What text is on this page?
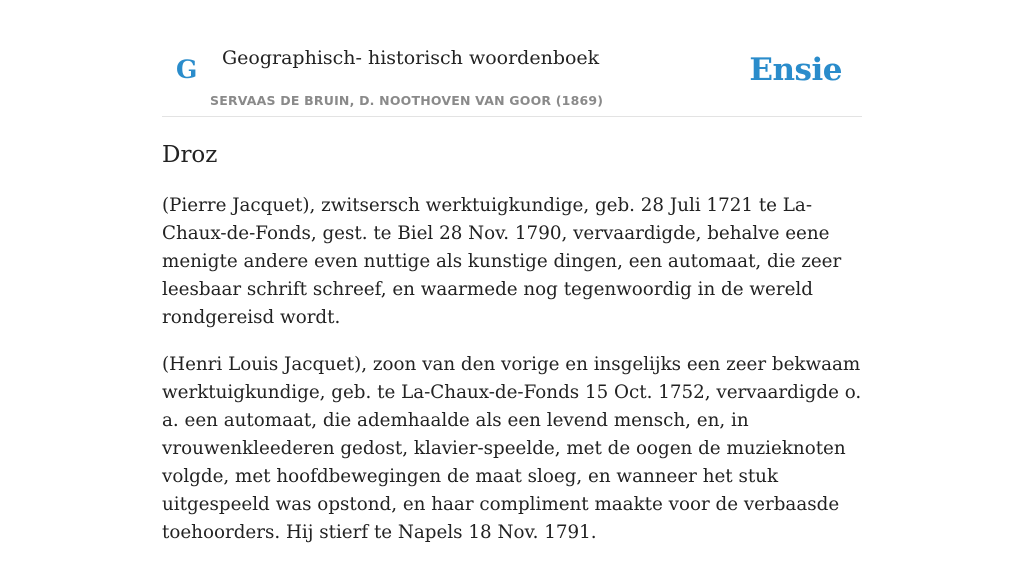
G Geographisch- historisch woordenboek
SERVAAS DE BRUIN, D. NOOTHOVEN VAN GOOR (1869)
Ensie
Droz

(Pierre Jacquet), zwitsersch werktuigkundige, geb. 28 Juli 1721 te La-Chaux-de-Fonds, gest. te Biel 28 Nov. 1790, vervaardigde, behalve eene menigte andere even nuttige als kunstige dingen, een automaat, die zeer leesbaar schrift schreef, en waarmede nog tegenwoordig in de wereld rondgereisd wordt.

(Henri Louis Jacquet), zoon van den vorige en insgelijks een zeer bekwaam werktuigkundige, geb. te La-Chaux-de-Fonds 15 Oct. 1752, vervaardigde o. a. een automaat, die ademhaalde als een levend mensch, en, in vrouwenkleederen gedost, klavier-speelde, met de oogen de muzieknoten volgde, met hoofdbewegingen de maat sloeg, en wanneer het stuk uitgespeeld was opstond, en haar compliment maakte voor de verbaasde toehoorders. Hij stierf te Napels 18 Nov. 1791.
